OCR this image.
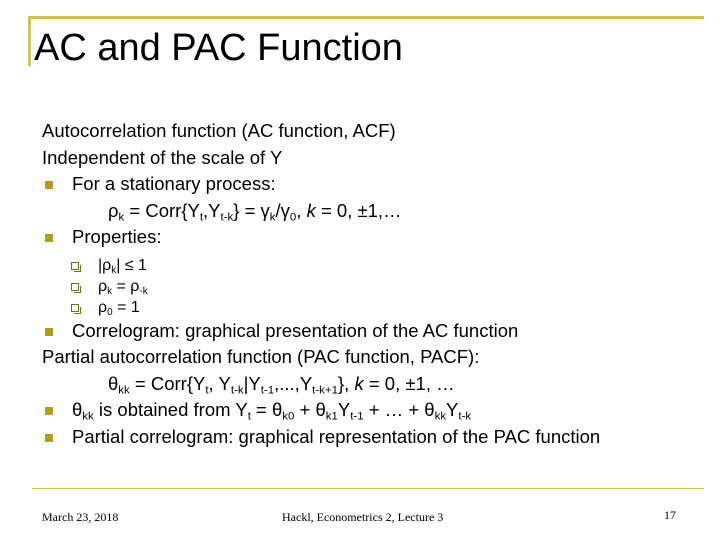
AC and PAC Function
Autocorrelation function (AC function, ACF)
Independent of the scale of Y
For a stationary process:
$\rho_k$ = $Corr\{Y_t,Y_{t-k}\} = \gamma_k/\gamma_0$, k = 0, ±1,…
Properties:
$|\rho_k| \le 1$
$\rho_k = \rho_{-k}$
$\rho_0 = 1$
Correlogram: graphical presentation of the AC function
Partial autocorrelation function (PAC function, PACF):
$\theta_{kk}$ = $Corr\{Y_t$, $Y_{t-k}|Y_{t-1},...,Y_{t-k+1}$}, k = 0, ±1, …
$\theta_{kk}$ is obtained from $Y_t = \theta_{k0} + \theta_{k1}Y_{t-1}$ + … + $\theta_{kk}Y_{t-k}$
Partial correlogram: graphical representation of the PAC function
March 23, 2018	Hackl, Econometrics 2, Lecture 3	17
